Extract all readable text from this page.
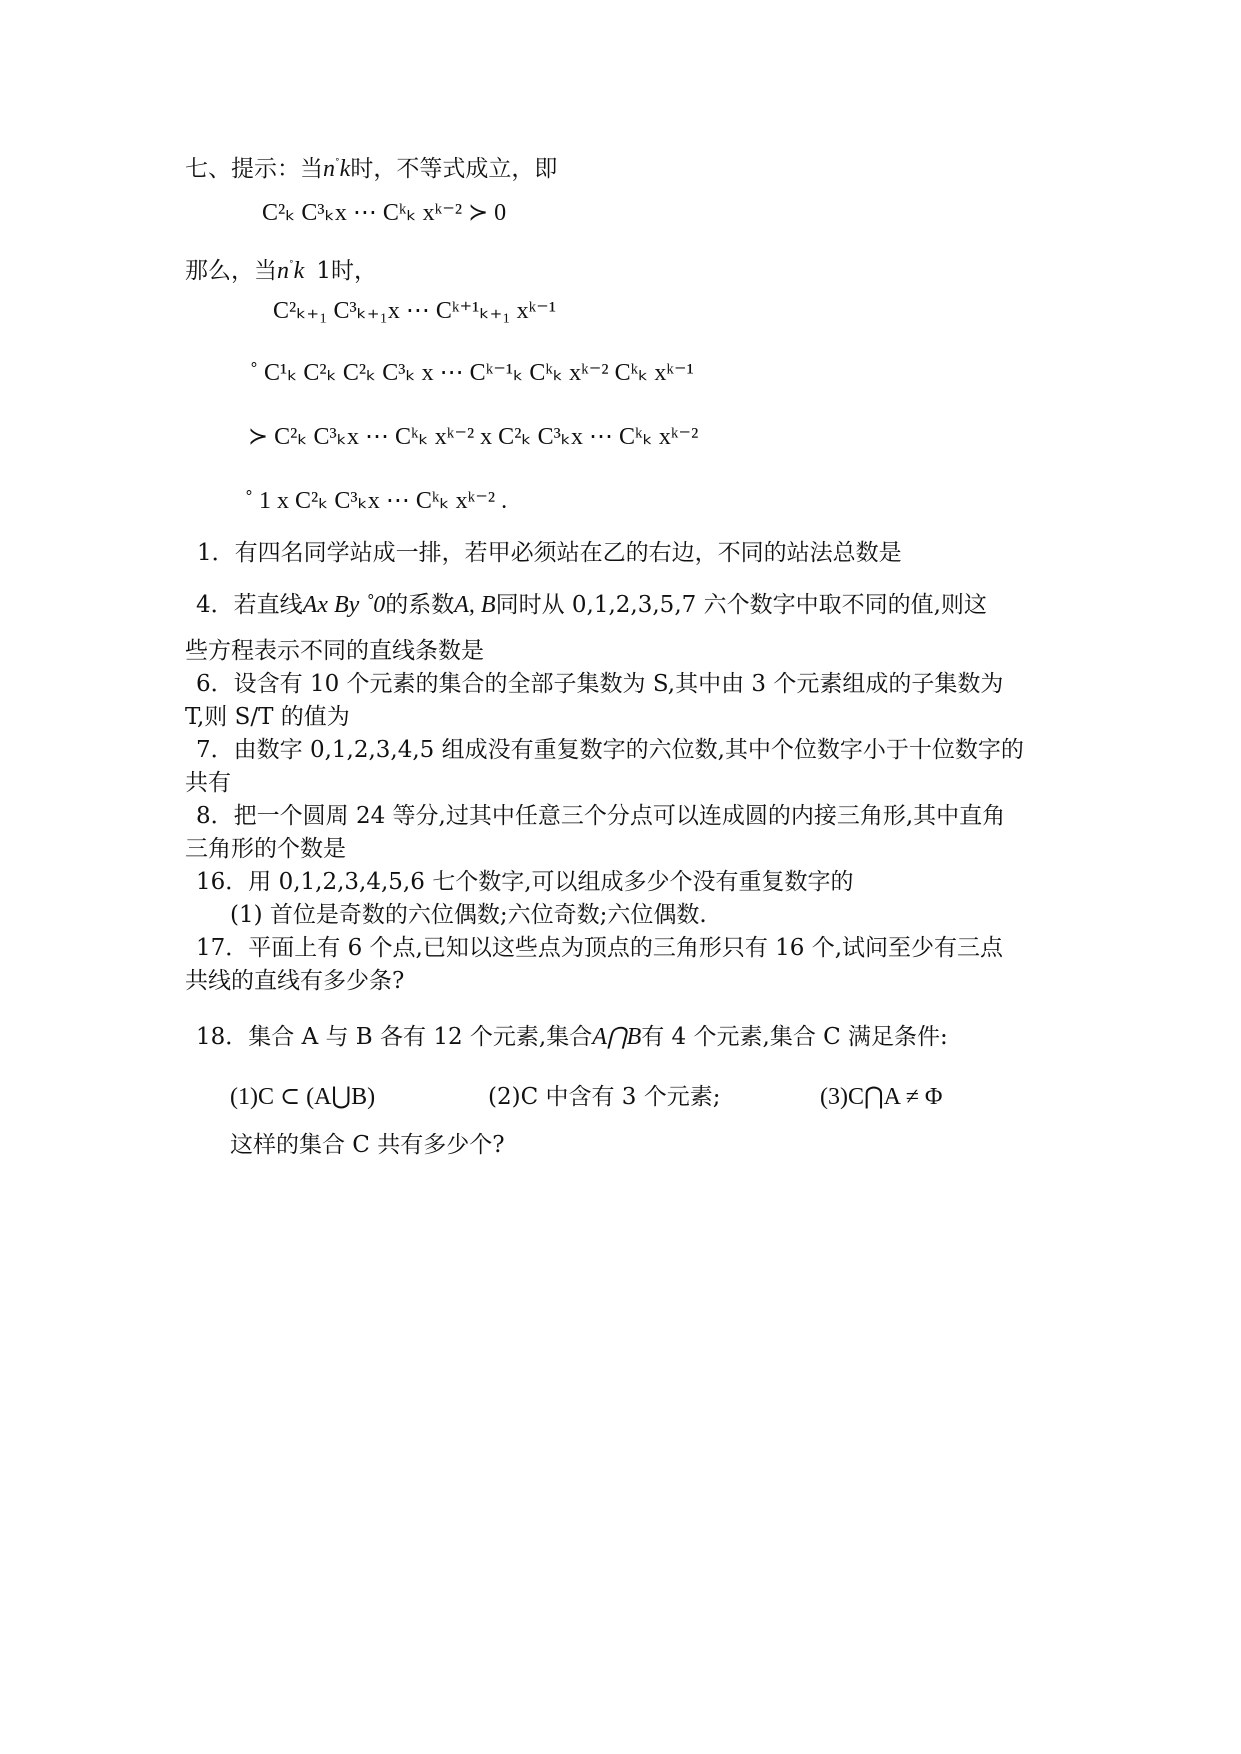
七、提示：当n˚k时，不等式成立，即
C²ₖ C³ₖx ⋯ Cᵏₖ xᵏ⁻² ≻ 0
那么，当n˚k 1时，
C²ₖ₊₁ C³ₖ₊₁x ⋯ Cᵏ⁺¹ₖ₊₁ xᵏ⁻¹
˚ C¹ₖ C²ₖ C²ₖ C³ₖ x ⋯ Cᵏ⁻¹ₖ Cᵏₖ xᵏ⁻² Cᵏₖ xᵏ⁻¹
≻ C²ₖ C³ₖx ⋯ Cᵏₖ xᵏ⁻² x C²ₖ C³ₖx ⋯ Cᵏₖ xᵏ⁻²
˚ 1 x C²ₖ C³ₖx ⋯ Cᵏₖ xᵏ⁻² .
1．有四名同学站成一排，若甲必须站在乙的右边，不同的站法总数是
4．若直线Ax By ˚0的系数A, B同时从 0,1,2,3,5,7 六个数字中取不同的值,则这
些方程表示不同的直线条数是
6．设含有 10 个元素的集合的全部子集数为 S,其中由 3 个元素组成的子集数为
T,则 S/T 的值为
7．由数字 0,1,2,3,4,5 组成没有重复数字的六位数,其中个位数字小于十位数字的
共有
8．把一个圆周 24 等分,过其中任意三个分点可以连成圆的内接三角形,其中直角
三角形的个数是
16．用 0,1,2,3,4,5,6 七个数字,可以组成多少个没有重复数字的
(1) 首位是奇数的六位偶数;六位奇数;六位偶数.
17．平面上有 6 个点,已知以这些点为顶点的三角形只有 16 个,试问至少有三点
共线的直线有多少条?
18．集合 A 与 B 各有 12 个元素,集合A⋂B有 4 个元素,集合 C 满足条件:
(1)C ⊂ (A⋃B)	(2)C 中含有 3 个元素;	(3)C⋂A ≠ Φ
这样的集合 C 共有多少个?
